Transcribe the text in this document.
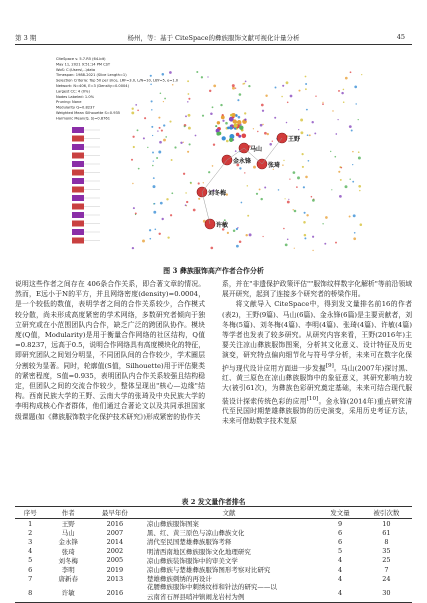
第 3 期	杨州，等：基于 CiteSpace的彝族服饰文献可视化计量分析	45
CiteSpace v. 5.7.R5 (64-bit)
May 11, 2021 9:51:14 PM CST
WoS: C:\Users\...\data
Timespan: 1988-2021 (Slice Length=1)
Selection Criteria: Top 50 per slice, LRF=3.0, L/N=10, LBY=5, e=1.0
Network: N=406, E=3 (Density=0.0004)
Largest CC: 4 (0%)
Nodes Labeled: 1.0%
Pruning: None
Modularity Q=0.8237
Weighted Mean Silhouette S=0.935
Harmonic Mean(Q, S)=0.8761
刘冬梅
金永锋
马山
张琦
王野
许敏
图 3 彝族服饰高产作者合作分析

说明这些作者之间存在 406条合作关系，即合著文章的情况。然而，E远小于N的平方，并且网络密度(density)=0.0004，是一个较低的数值，表明学者之间的合作关系较少，合作模式较分散，尚未形成高度紧密的学术网络，多数研究者倾向于独立研究或在小范围团队内合作，缺乏广泛的跨团队协作。模块度(Q值，Modularity)是用于衡量合作网络的社区结构，Q值=0.8237，远高于0.5，说明合作网络具有高度模块化的特征，即研究团队之间划分明显，不同团队间的合作较少，学术圈层分割较为显著。同时，轮廓值(S值，Silhouette)用于评估聚类的紧密程度，S值=0.935，表明团队内合作关系较强且结构稳定，但团队之间的交流合作较少，整体呈现出"核心—边缘"结构。西南民族大学的王野、云南大学的张琦及中央民族大学的李明构成核心作者群体，他们通过合著论文以及共同承担国家级课题(如《彝族服饰数字化保护技术研究》)形成紧密的协作关

系，并在"非遗保护政策评估""服饰纹样数字化解析"等前沿领域展开研究，起到了连接多个研究者的桥梁作用。

将文献导入 CiteSpace中，得到发文量排名前16的作者(表2)，王野(9篇)、马山(6篇)、金永锋(6篇)是主要贡献者，刘冬梅(5篇)、刘冬梅(4篇)、李明(4篇)、张琦(4篇)、许敏(4篇)等学者也发表了较多研究。从研究内容来看，王野(2016年)主要关注凉山彝族服饰图案，分析其文化意义、设计特征及历史演变，研究特点偏向细节化与符号学分析，未来可在数字化保护与现代设计应用方面进一步发掘[9]。马山(2007年)探讨黑、红、黄三原色在凉山彝族服饰中的象征意义，其研究影响力较大(被引61次)，为彝族色彩研究奠定基础，未来可结合现代服装设计探索传统色彩的应用[10]。金永锋(2014年)重点研究清代至民国时期楚雄彝族服饰的历史演变，采用历史考证方法，未来可借助数字技术复原

表 2 发文量作者排名
序号	作者	最早年份	文献	发文量	被引次数
1	王野	2016	凉山彝族服饰图案	9	10
2	马山	2007	黑、红、黄三原色与凉山彝族文化	6	61
3	金永锋	2014	清代至民国楚雄彝族服饰考释	6	8
4	张琦	2002	明清西南地区彝族服饰文化地理研究	5	35
5	刘冬梅	2005	凉山彝族装饰服饰中的审美文学	4	25
6	李明	2019	凉山彝族与楚雄彝族服饰图形考察对比研究	4	7
7	唐新春	2013	楚雄彝族刺绣的再设计	4	24
8	许敏	2016	花腰彝族服饰中刺绣纹样和针法的研究——以
云南省石屏县哨冲镇闹龙岩村为例	4	30
